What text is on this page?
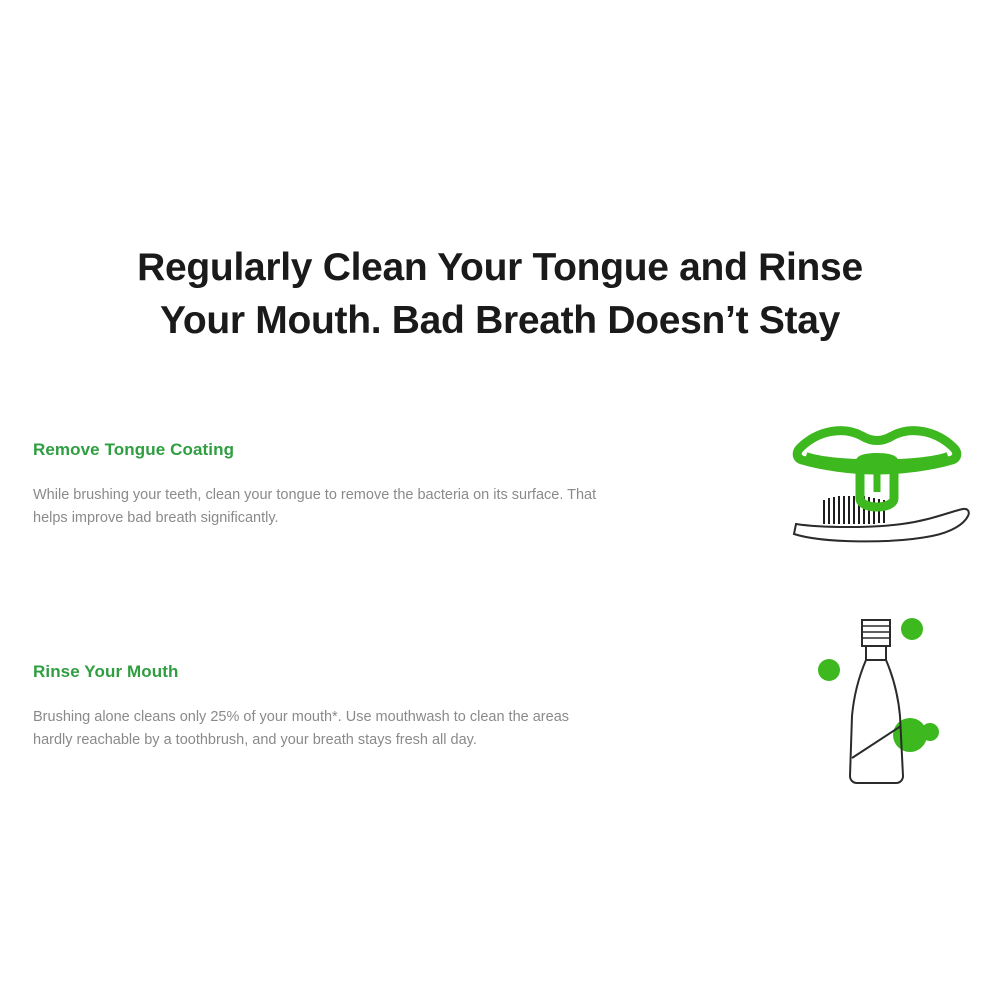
Regularly Clean Your Tongue and Rinse
Your Mouth. Bad Breath Doesn’t Stay
Remove Tongue Coating

While brushing your teeth, clean your tongue to remove the bacteria on its surface. That helps improve bad breath significantly.

Rinse Your Mouth

Brushing alone cleans only 25% of your mouth*. Use mouthwash to clean the areas hardly reachable by a toothbrush, and your breath stays fresh all day.
